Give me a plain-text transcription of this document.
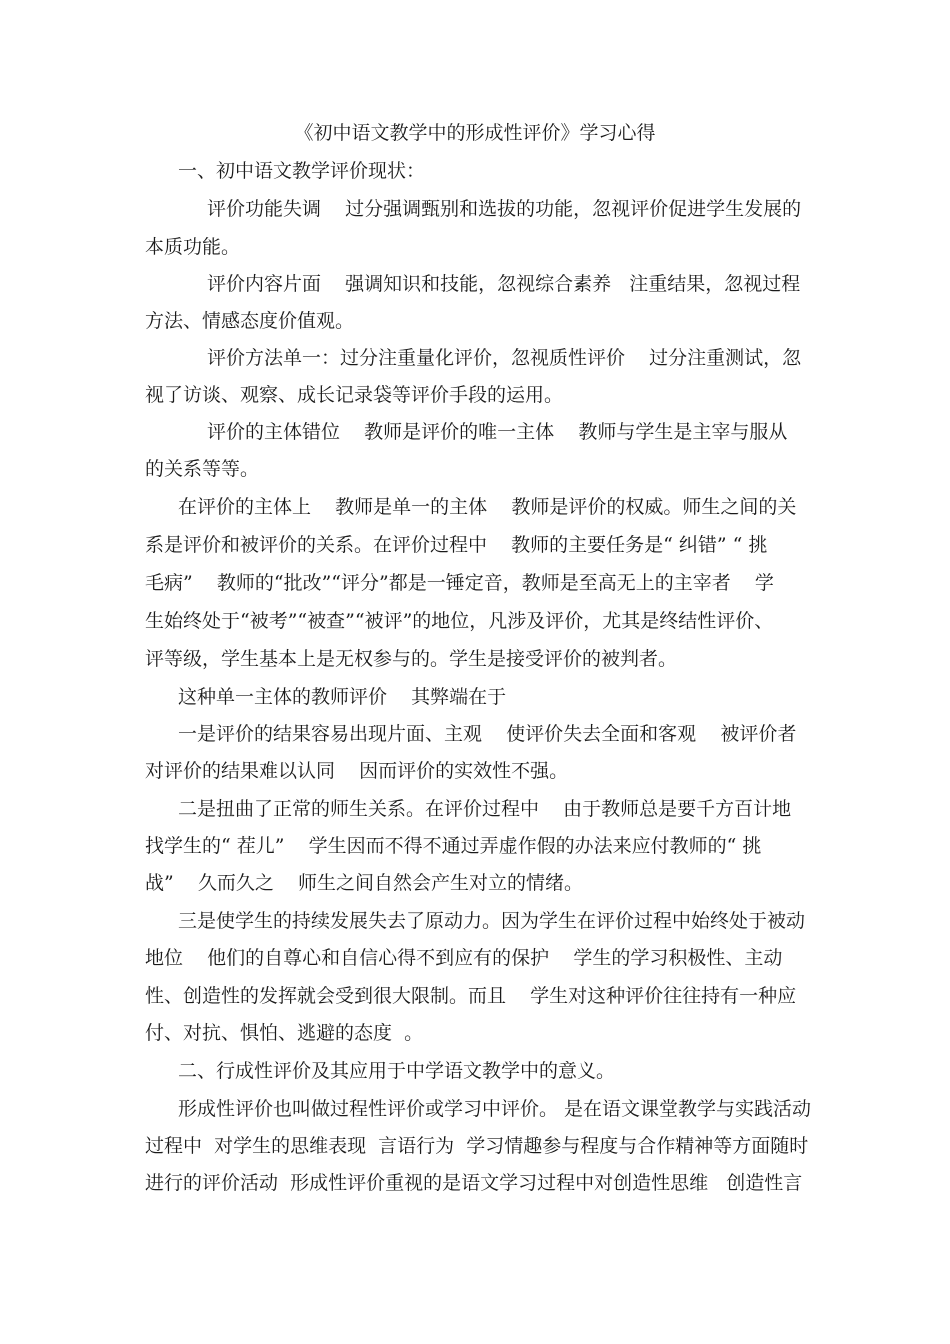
《初中语文教学中的形成性评价》学习心得
一、初中语文教学评价现状：
评价功能失调    过分强调甄别和选拔的功能，忽视评价促进学生发展的
本质功能。
评价内容片面    强调知识和技能，忽视综合素养   注重结果，忽视过程
方法、情感态度价值观。
评价方法单一：过分注重量化评价，忽视质性评价    过分注重测试，忽
视了访谈、观察、成长记录袋等评价手段的运用。
评价的主体错位    教师是评价的唯一主体    教师与学生是主宰与服从
的关系等等。
在评价的主体上    教师是单一的主体    教师是评价的权威。师生之间的关
系是评价和被评价的关系。在评价过程中    教师的主要任务是“ 纠错” “ 挑
毛病”    教师的“批改”“评分”都是一锤定音，教师是至高无上的主宰者    学
生始终处于“被考”“被查”“被评”的地位，凡涉及评价，尤其是终结性评价、
评等级，学生基本上是无权参与的。学生是接受评价的被判者。
这种单一主体的教师评价    其弊端在于
一是评价的结果容易出现片面、主观    使评价失去全面和客观    被评价者
对评价的结果难以认同    因而评价的实效性不强。
二是扭曲了正常的师生关系。在评价过程中    由于教师总是要千方百计地
找学生的“ 茬儿”    学生因而不得不通过弄虚作假的办法来应付教师的“ 挑
战”    久而久之    师生之间自然会产生对立的情绪。
三是使学生的持续发展失去了原动力。因为学生在评价过程中始终处于被动
地位    他们的自尊心和自信心得不到应有的保护    学生的学习积极性、主动
性、创造性的发挥就会受到很大限制。而且    学生对这种评价往往持有一种应
付、对抗、惧怕、逃避的态度  。
二、行成性评价及其应用于中学语文教学中的意义。
形成性评价也叫做过程性评价或学习中评价。 是在语文课堂教学与实践活动
过程中  对学生的思维表现  言语行为  学习情趣参与程度与合作精神等方面随时
进行的评价活动  形成性评价重视的是语文学习过程中对创造性思维   创造性言
